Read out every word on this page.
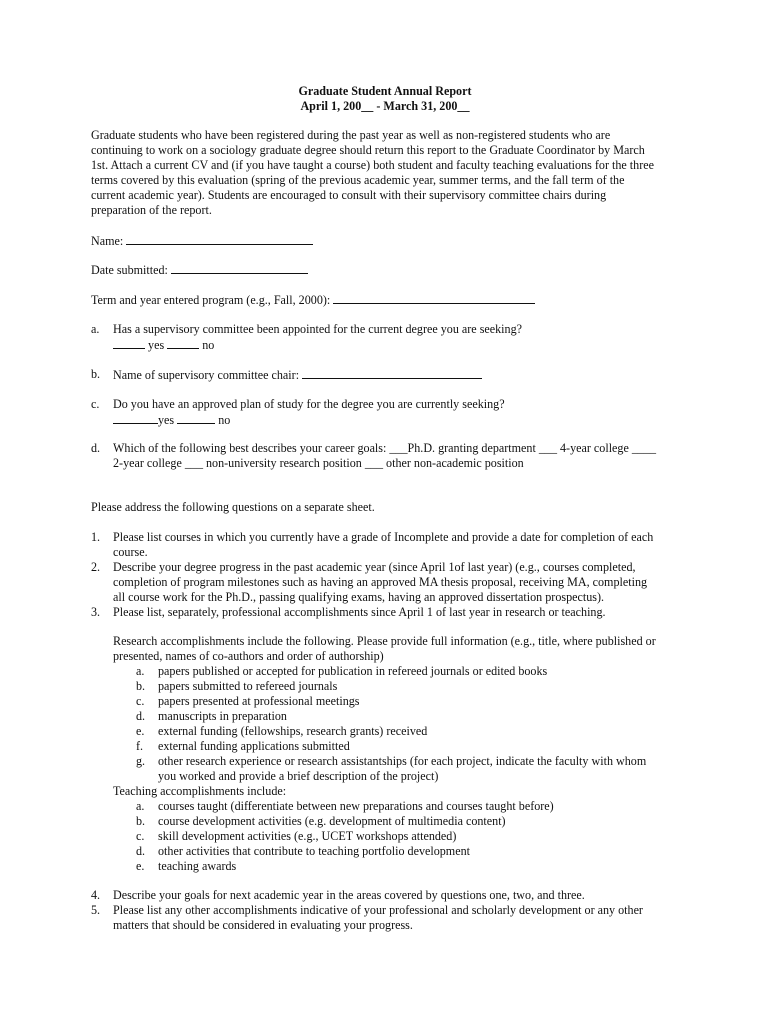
Graduate Student Annual Report
April 1, 200__ - March 31, 200__
Graduate students who have been registered during the past year as well as non-registered students who are
continuing to work on a sociology graduate degree should return this report to the Graduate Coordinator by March
1st. Attach a current CV and (if you have taught a course) both student and faculty teaching evaluations for the three
terms covered by this evaluation (spring of the previous academic year, summer terms, and the fall term of the
current academic year). Students are encouraged to consult with their supervisory committee chairs during
preparation of the report.
Name:
Date submitted:
Term and year entered program (e.g., Fall, 2000):
a. Has a supervisory committee been appointed for the current degree you are seeking?
yes	no
b. Name of supervisory committee chair:
c. Do you have an approved plan of study for the degree you are currently seeking?
yes	no
d. Which of the following best describes your career goals: ___Ph.D. granting department ___ 4-year college ____
2-year college ___ non-university research position ___ other non-academic position
Please address the following questions on a separate sheet.
1. Please list courses in which you currently have a grade of Incomplete and provide a date for completion of each
course.
2. Describe your degree progress in the past academic year (since April 1of last year) (e.g., courses completed,
completion of program milestones such as having an approved MA thesis proposal, receiving MA, completing
all course work for the Ph.D., passing qualifying exams, having an approved dissertation prospectus).
3. Please list, separately, professional accomplishments since April 1 of last year in research or teaching.
Research accomplishments include the following. Please provide full information (e.g., title, where published or
presented, names of co-authors and order of authorship)
a. papers published or accepted for publication in refereed journals or edited books
b. papers submitted to refereed journals
c. papers presented at professional meetings
d. manuscripts in preparation
e. external funding (fellowships, research grants) received
f. external funding applications submitted
g. other research experience or research assistantships (for each project, indicate the faculty with whom
you worked and provide a brief description of the project)
Teaching accomplishments include:
a. courses taught (differentiate between new preparations and courses taught before)
b. course development activities (e.g. development of multimedia content)
c. skill development activities (e.g., UCET workshops attended)
d. other activities that contribute to teaching portfolio development
e. teaching awards
4. Describe your goals for next academic year in the areas covered by questions one, two, and three.
5. Please list any other accomplishments indicative of your professional and scholarly development or any other
matters that should be considered in evaluating your progress.
